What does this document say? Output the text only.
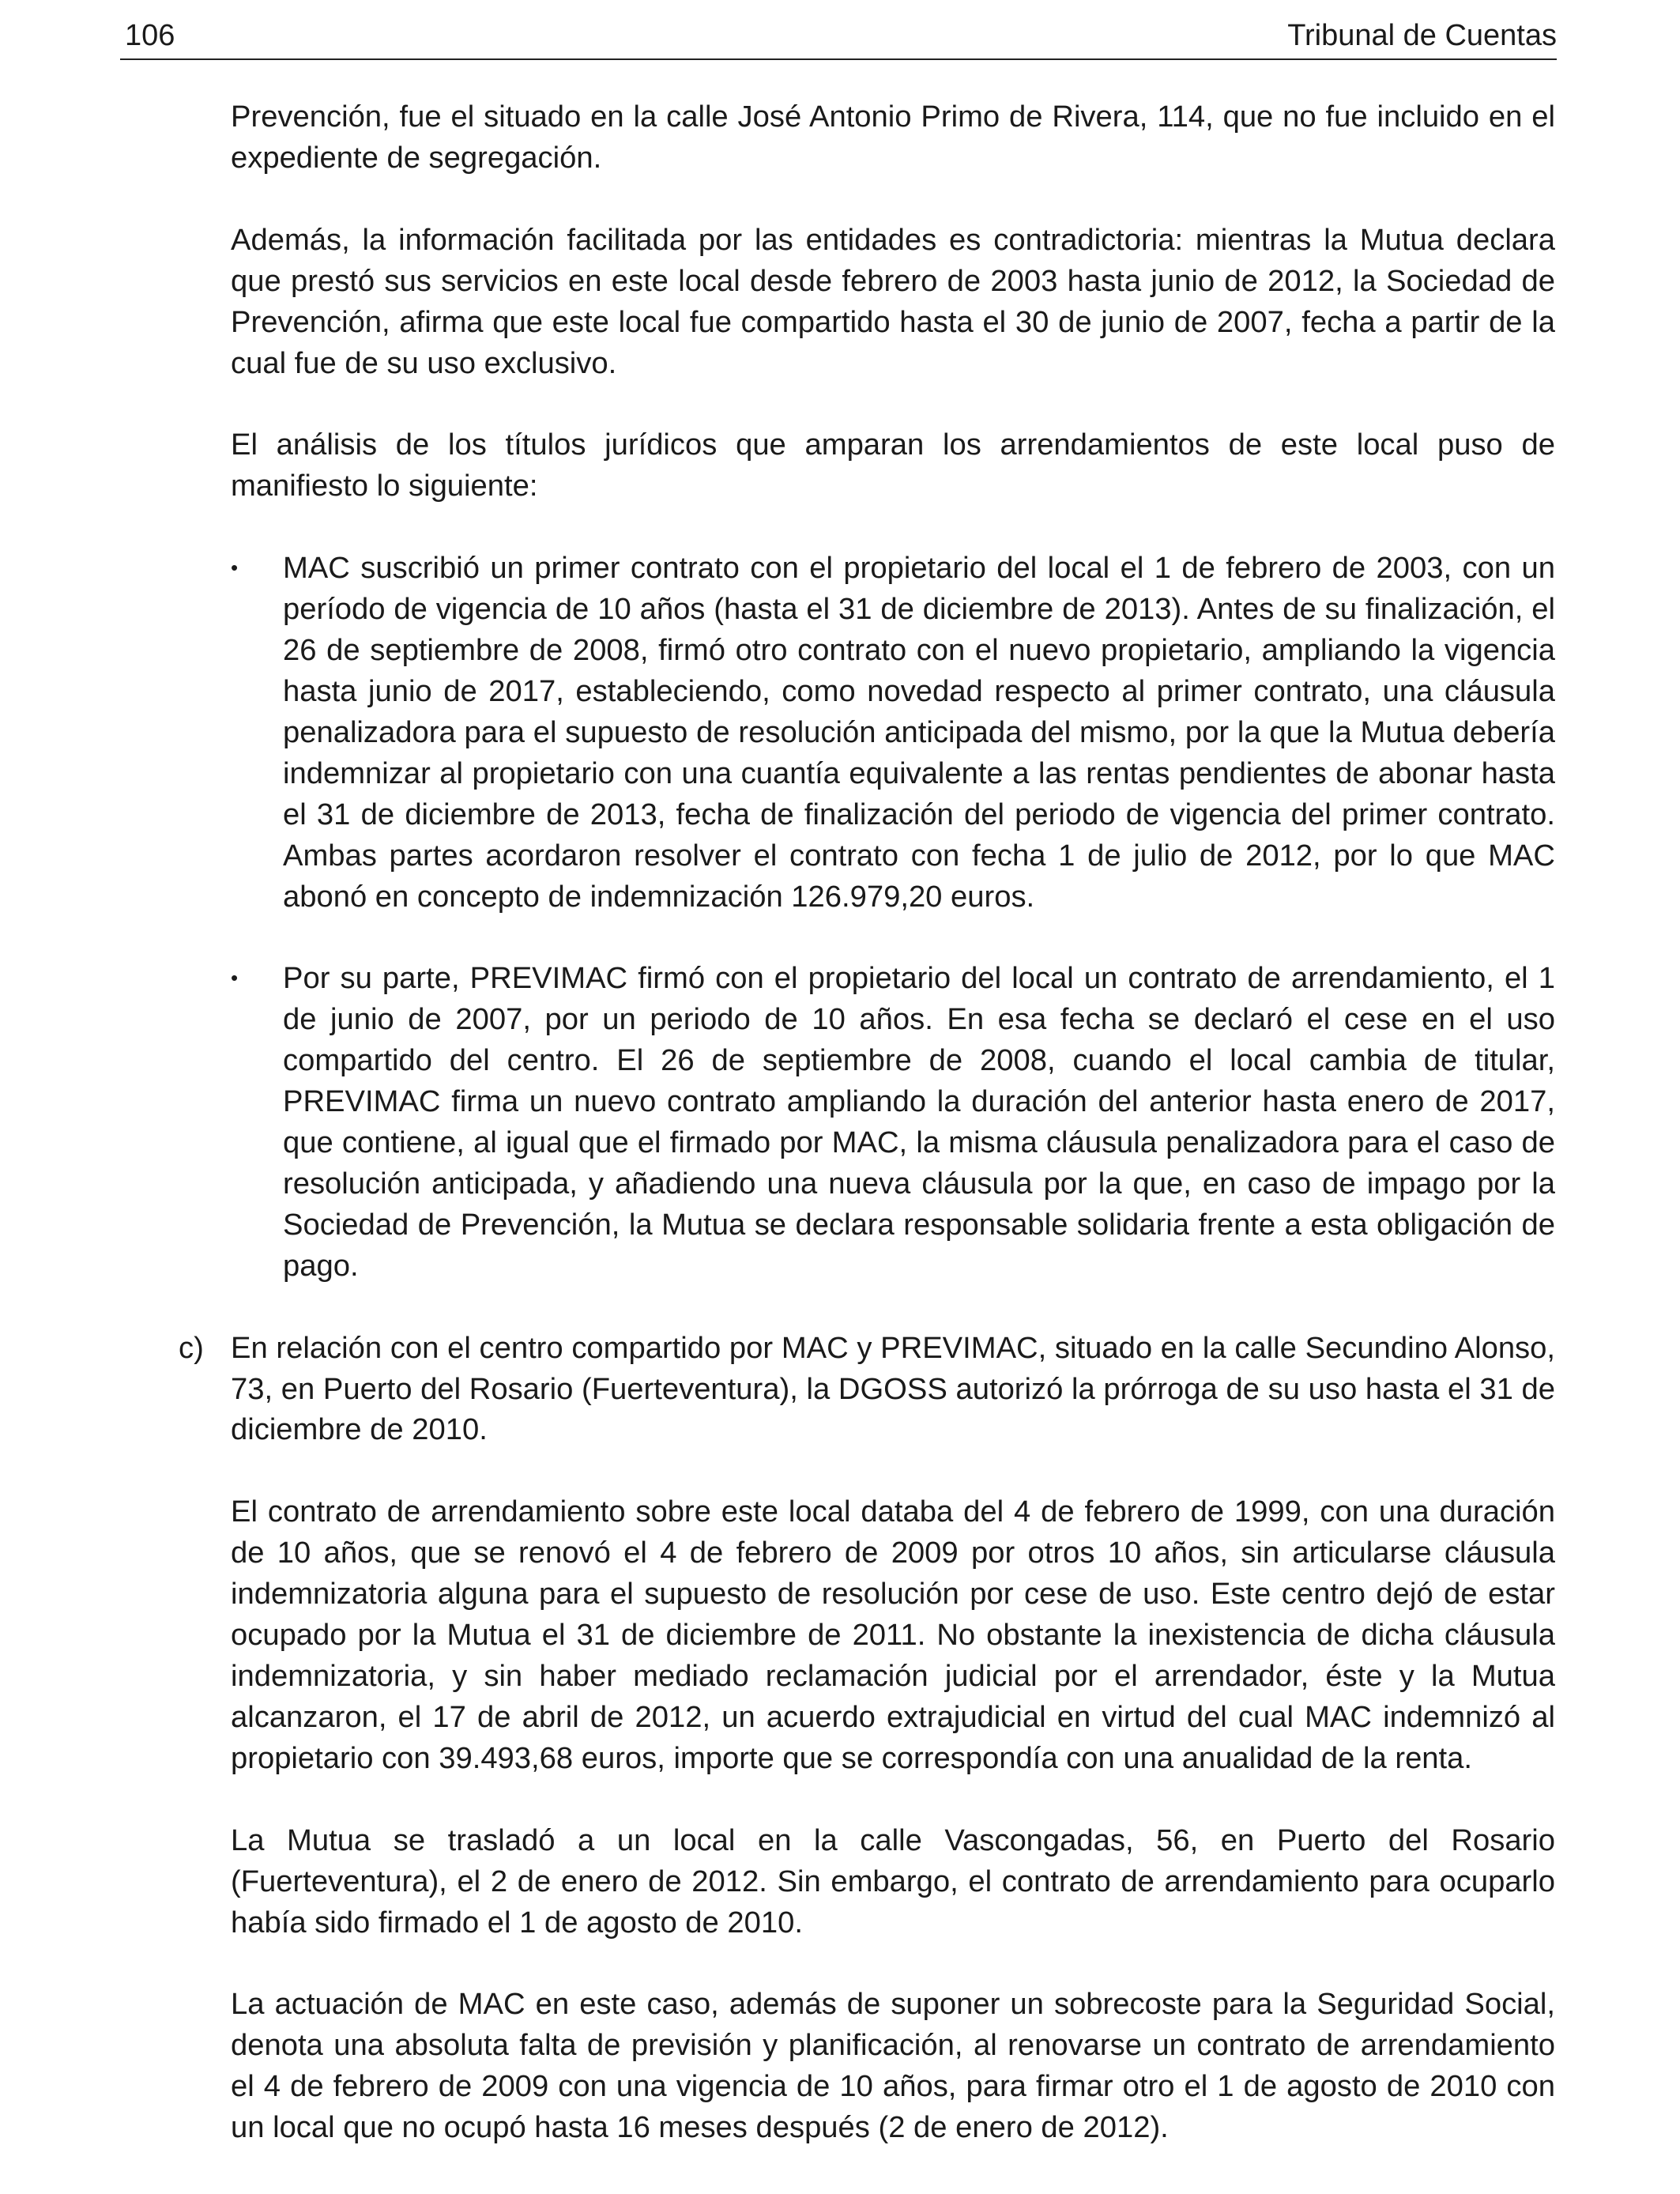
106	Tribunal de Cuentas

Prevención, fue el situado en la calle José Antonio Primo de Rivera, 114, que no fue incluido en el expediente de segregación.

Además, la información facilitada por las entidades es contradictoria: mientras la Mutua declara que prestó sus servicios en este local desde febrero de 2003 hasta junio de 2012, la Sociedad de Prevención, afirma que este local fue compartido hasta el 30 de junio de 2007, fecha a partir de la cual fue de su uso exclusivo.

El análisis de los títulos jurídicos que amparan los arrendamientos de este local puso de manifiesto lo siguiente:

• MAC suscribió un primer contrato con el propietario del local el 1 de febrero de 2003, con un período de vigencia de 10 años (hasta el 31 de diciembre de 2013). Antes de su finalización, el 26 de septiembre de 2008, firmó otro contrato con el nuevo propietario, ampliando la vigencia hasta junio de 2017, estableciendo, como novedad respecto al primer contrato, una cláusula penalizadora para el supuesto de resolución anticipada del mismo, por la que la Mutua debería indemnizar al propietario con una cuantía equivalente a las rentas pendientes de abonar hasta el 31 de diciembre de 2013, fecha de finalización del periodo de vigencia del primer contrato. Ambas partes acordaron resolver el contrato con fecha 1 de julio de 2012, por lo que MAC abonó en concepto de indemnización 126.979,20 euros.
• Por su parte, PREVIMAC firmó con el propietario del local un contrato de arrendamiento, el 1 de junio de 2007, por un periodo de 10 años. En esa fecha se declaró el cese en el uso compartido del centro. El 26 de septiembre de 2008, cuando el local cambia de titular, PREVIMAC firma un nuevo contrato ampliando la duración del anterior hasta enero de 2017, que contiene, al igual que el firmado por MAC, la misma cláusula penalizadora para el caso de resolución anticipada, y añadiendo una nueva cláusula por la que, en caso de impago por la Sociedad de Prevención, la Mutua se declara responsable solidaria frente a esta obligación de pago.

c) En relación con el centro compartido por MAC y PREVIMAC, situado en la calle Secundino Alonso, 73, en Puerto del Rosario (Fuerteventura), la DGOSS autorizó la prórroga de su uso hasta el 31 de diciembre de 2010.

El contrato de arrendamiento sobre este local databa del 4 de febrero de 1999, con una duración de 10 años, que se renovó el 4 de febrero de 2009 por otros 10 años, sin articularse cláusula indemnizatoria alguna para el supuesto de resolución por cese de uso. Este centro dejó de estar ocupado por la Mutua el 31 de diciembre de 2011. No obstante la inexistencia de dicha cláusula indemnizatoria, y sin haber mediado reclamación judicial por el arrendador, éste y la Mutua alcanzaron, el 17 de abril de 2012, un acuerdo extrajudicial en virtud del cual MAC indemnizó al propietario con 39.493,68 euros, importe que se correspondía con una anualidad de la renta.

La Mutua se trasladó a un local en la calle Vascongadas, 56, en Puerto del Rosario (Fuerteventura), el 2 de enero de 2012. Sin embargo, el contrato de arrendamiento para ocuparlo había sido firmado el 1 de agosto de 2010.

La actuación de MAC en este caso, además de suponer un sobrecoste para la Seguridad Social, denota una absoluta falta de previsión y planificación, al renovarse un contrato de arrendamiento el 4 de febrero de 2009 con una vigencia de 10 años, para firmar otro el 1 de agosto de 2010 con un local que no ocupó hasta 16 meses después (2 de enero de 2012).
